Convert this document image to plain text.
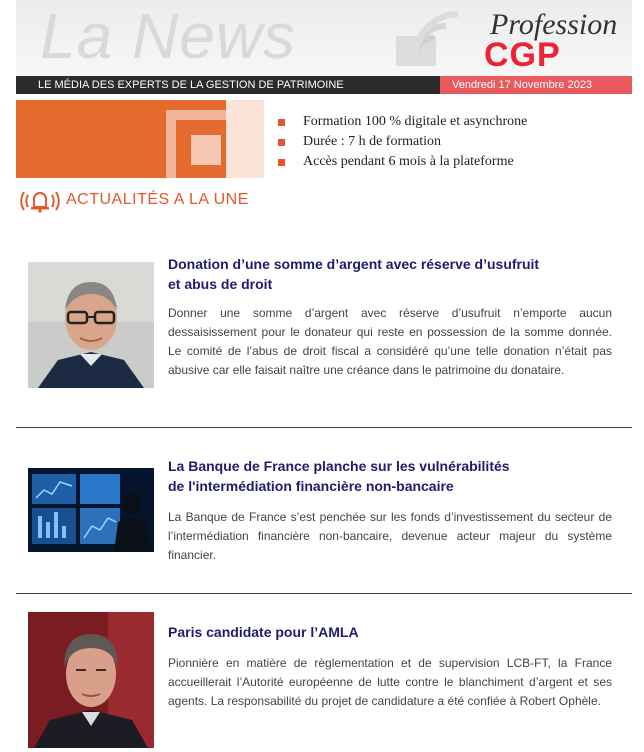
La News	Profession
CGP
LE MÉDIA DES EXPERTS DE LA GESTION DE PATRIMOINE	Vendredi 17 Novembre 2023
Formation 100 % digitale et asynchrone
Durée : 7 h de formation
Accès pendant 6 mois à la plateforme
ACTUALITÉS A LA UNE
Donation d’une somme d’argent avec réserve d’usufruit
et abus de droit

Donner une somme d’argent avec réserve d’usufruit n’emporte aucun dessaisissement pour le donateur qui reste en possession de la somme donnée. Le comité de l’abus de droit fiscal a considéré qu’une telle donation n’était pas abusive car elle faisait naître une créance dans le patrimoine du donataire.

La Banque de France planche sur les vulnérabilités
de l'intermédiation financière non-bancaire

La Banque de France s’est penchée sur les fonds d’investissement du secteur de l’intermédiation financière non-bancaire, devenue acteur majeur du système financier.

Paris candidate pour l’AMLA

Pionnière en matière de règlementation et de supervision LCB-FT, la France accueillerait l’Autorité européenne de lutte contre le blanchiment d’argent et ses agents. La responsabilité du projet de candidature a été confiée à Robert Ophèle.
